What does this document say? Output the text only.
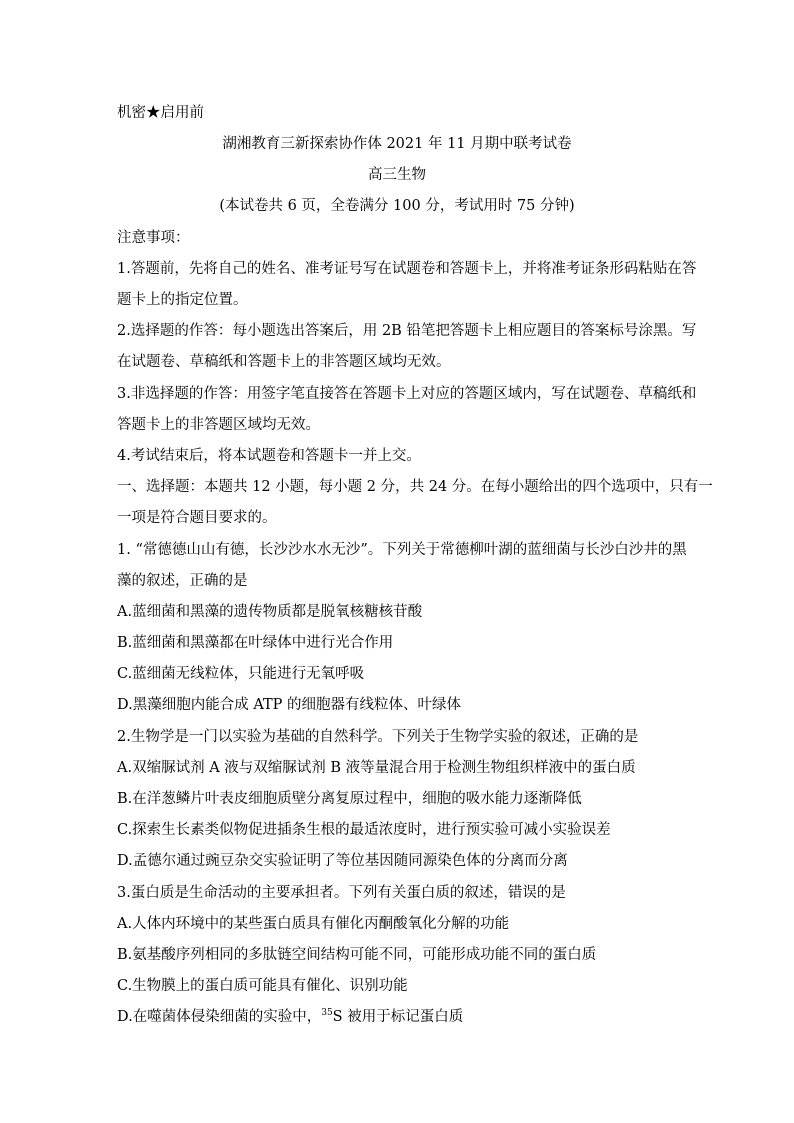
机密★启用前
湖湘教育三新探索协作体 2021 年 11 月期中联考试卷
高三生物
(本试卷共 6 页，全卷满分 100 分，考试用时 75 分钟)
注意事项：
1.答题前，先将自己的姓名、准考证号写在试题卷和答题卡上，并将准考证条形码粘贴在答
题卡上的指定位置。
2.选择题的作答：每小题选出答案后，用 2B 铅笔把答题卡上相应题目的答案标号涂黑。写
在试题卷、草稿纸和答题卡上的非答题区域均无效。
3.非选择题的作答：用签字笔直接答在答题卡上对应的答题区域内，写在试题卷、草稿纸和
答题卡上的非答题区域均无效。
4.考试结束后，将本试题卷和答题卡一并上交。
一、选择题：本题共 12 小题，每小题 2 分，共 24 分。在每小题给出的四个选项中，只有一
一项是符合题目要求的。
1. “常德德山山有德，长沙沙水水无沙”。下列关于常德柳叶湖的蓝细菌与长沙白沙井的黑
藻的叙述，正确的是
A.蓝细菌和黑藻的遗传物质都是脱氧核糖核苷酸
B.蓝细菌和黑藻都在叶绿体中进行光合作用
C.蓝细菌无线粒体，只能进行无氧呼吸
D.黑藻细胞内能合成 ATP 的细胞器有线粒体、叶绿体
2.生物学是一门以实验为基础的自然科学。下列关于生物学实验的叙述，正确的是
A.双缩脲试剂 A 液与双缩脲试剂 B 液等量混合用于检测生物组织样液中的蛋白质
B.在洋葱鳞片叶表皮细胞质壁分离复原过程中，细胞的吸水能力逐渐降低
C.探索生长素类似物促进插条生根的最适浓度时，进行预实验可减小实验误差
D.孟德尔通过豌豆杂交实验证明了等位基因随同源染色体的分离而分离
3.蛋白质是生命活动的主要承担者。下列有关蛋白质的叙述，错误的是
A.人体内环境中的某些蛋白质具有催化丙酮酸氧化分解的功能
B.氨基酸序列相同的多肽链空间结构可能不同，可能形成功能不同的蛋白质
C.生物膜上的蛋白质可能具有催化、识别功能
D.在噬菌体侵染细菌的实验中，$^{35}$S 被用于标记蛋白质
